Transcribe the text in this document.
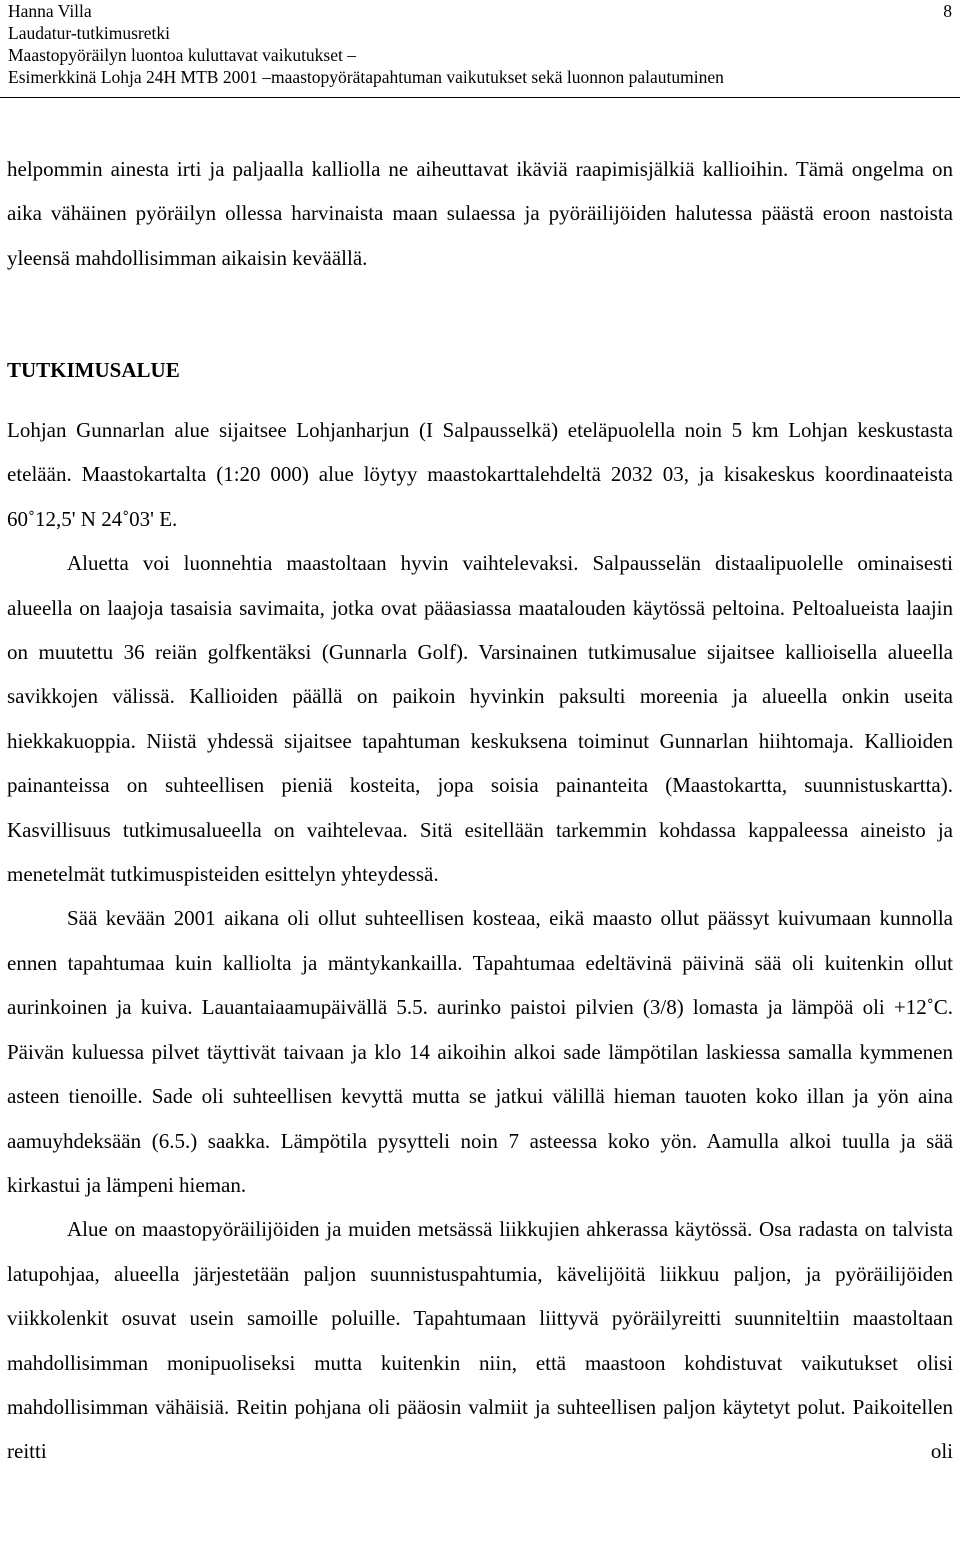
Hanna Villa
Laudatur-tutkimusretki
Maastopyöräilyn luontoa kuluttavat vaikutukset –
Esimerkkinä Lohja 24H MTB 2001 –maastopyörätapahtuman vaikutukset sekä luonnon palautuminen
8

helpommin ainesta irti ja paljaalla kalliolla ne aiheuttavat ikäviä raapimisjälkiä kallioihin. Tämä ongelma on aika vähäinen pyöräilyn ollessa harvinaista maan sulaessa ja pyöräilijöiden halutessa päästä eroon nastoista yleensä mahdollisimman aikaisin keväällä.

TUTKIMUSALUE

Lohjan Gunnarlan alue sijaitsee Lohjanharjun (I Salpausselkä) eteläpuolella noin 5 km Lohjan keskustasta etelään. Maastokartalta (1:20 000) alue löytyy maastokarttalehdeltä 2032 03, ja kisakeskus koordinaateista 60˚12,5' N 24˚03' E.

Aluetta voi luonnehtia maastoltaan hyvin vaihtelevaksi. Salpausselän distaalipuolelle ominaisesti alueella on laajoja tasaisia savimaita, jotka ovat pääasiassa maatalouden käytössä peltoina. Peltoalueista laajin on muutettu 36 reiän golfkentäksi (Gunnarla Golf). Varsinainen tutkimusalue sijaitsee kallioisella alueella savikkojen välissä. Kallioiden päällä on paikoin hyvinkin paksulti moreenia ja alueella onkin useita hiekkakuoppia. Niistä yhdessä sijaitsee tapahtuman keskuksena toiminut Gunnarlan hiihtomaja. Kallioiden painanteissa on suhteellisen pieniä kosteita, jopa soisia painanteita (Maastokartta, suunnistuskartta). Kasvillisuus tutkimusalueella on vaihtelevaa. Sitä esitellään tarkemmin kohdassa kappaleessa aineisto ja menetelmät tutkimuspisteiden esittelyn yhteydessä.

Sää kevään 2001 aikana oli ollut suhteellisen kosteaa, eikä maasto ollut päässyt kuivumaan kunnolla ennen tapahtumaa kuin kalliolta ja mäntykankailla. Tapahtumaa edeltävinä päivinä sää oli kuitenkin ollut aurinkoinen ja kuiva. Lauantaiaamupäivällä 5.5. aurinko paistoi pilvien (3/8) lomasta ja lämpöä oli +12˚C. Päivän kuluessa pilvet täyttivät taivaan ja klo 14 aikoihin alkoi sade lämpötilan laskiessa samalla kymmenen asteen tienoille. Sade oli suhteellisen kevyttä mutta se jatkui välillä hieman tauoten koko illan ja yön aina aamuyhdeksään (6.5.) saakka. Lämpötila pysytteli noin 7 asteessa koko yön. Aamulla alkoi tuulla ja sää kirkastui ja lämpeni hieman.

Alue on maastopyöräilijöiden ja muiden metsässä liikkujien ahkerassa käytössä. Osa radasta on talvista latupohjaa, alueella järjestetään paljon suunnistuspahtumia, kävelijöitä liikkuu paljon, ja pyöräilijöiden viikkolenkit osuvat usein samoille poluille. Tapahtumaan liittyvä pyöräilyreitti suunniteltiin maastoltaan mahdollisimman monipuoliseksi mutta kuitenkin niin, että maastoon kohdistuvat vaikutukset olisi mahdollisimman vähäisiä. Reitin pohjana oli pääosin valmiit ja suhteellisen paljon käytetyt polut. Paikoitellen reitti oli
